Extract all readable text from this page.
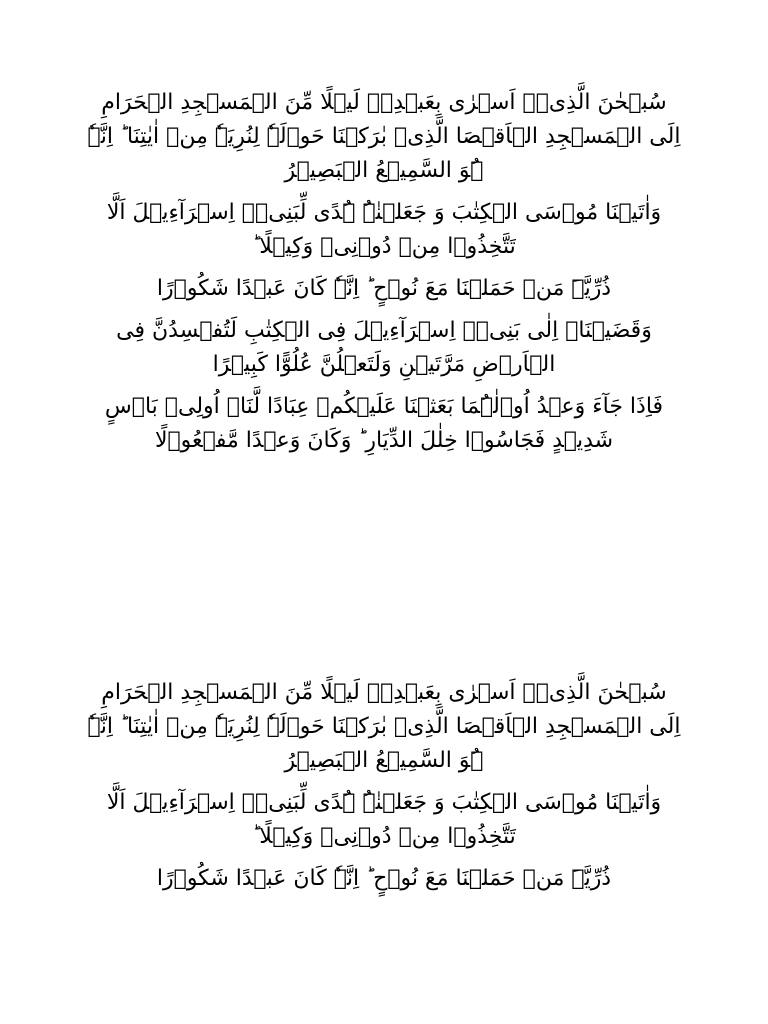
سُبۡحٰنَ الَّذِیۡۤ اَسۡرٰی بِعَبۡدِہٖ لَیۡلًا مِّنَ الۡمَسۡجِدِ الۡحَرَامِ اِلَی الۡمَسۡجِدِ الۡاَقۡصَا الَّذِیۡ بٰرَکۡنَا حَوۡلَہٗ لِنُرِیَہٗ مِنۡ اٰیٰتِنَا ؕ اِنَّہٗ ہُوَ السَّمِیۡعُ الۡبَصِیۡرُ

وَاٰتَیۡنَا مُوۡسَی الۡکِتٰبَ وَ جَعَلۡنٰہُ ہُدًی لِّبَنِیۡۤ اِسۡرَآءِیۡلَ اَلَّا تَتَّخِذُوۡا مِنۡ دُوۡنِیۡ وَکِیۡلًا ؕ

ذُرِّیَّۃَ مَنۡ حَمَلۡنَا مَعَ نُوۡحٍ ؕ اِنَّہٗ کَانَ عَبۡدًا شَکُوۡرًا

وَقَضَیۡنَاۤ اِلٰی بَنِیۡۤ اِسۡرَآءِیۡلَ فِی الۡکِتٰبِ لَتُفۡسِدُنَّ فِی الۡاَرۡضِ مَرَّتَیۡنِ وَلَتَعۡلُنَّ عُلُوًّا کَبِیۡرًا

فَاِذَا جَآءَ وَعۡدُ اُوۡلٰہُمَا بَعَثۡنَا عَلَیۡکُمۡ عِبَادًا لَّنَاۤ اُولِیۡ بَاۡسٍ شَدِیۡدٍ فَجَاسُوۡا خِلٰلَ الدِّیَارِ ؕ وَکَانَ وَعۡدًا مَّفۡعُوۡلًا

سُبۡحٰنَ الَّذِیۡۤ اَسۡرٰی بِعَبۡدِہٖ لَیۡلًا مِّنَ الۡمَسۡجِدِ الۡحَرَامِ اِلَی الۡمَسۡجِدِ الۡاَقۡصَا الَّذِیۡ بٰرَکۡنَا حَوۡلَہٗ لِنُرِیَہٗ مِنۡ اٰیٰتِنَا ؕ اِنَّہٗ ہُوَ السَّمِیۡعُ الۡبَصِیۡرُ

وَاٰتَیۡنَا مُوۡسَی الۡکِتٰبَ وَ جَعَلۡنٰہُ ہُدًی لِّبَنِیۡۤ اِسۡرَآءِیۡلَ اَلَّا تَتَّخِذُوۡا مِنۡ دُوۡنِیۡ وَکِیۡلًا ؕ

ذُرِّیَّۃَ مَنۡ حَمَلۡنَا مَعَ نُوۡحٍ ؕ اِنَّہٗ کَانَ عَبۡدًا شَکُوۡرًا
